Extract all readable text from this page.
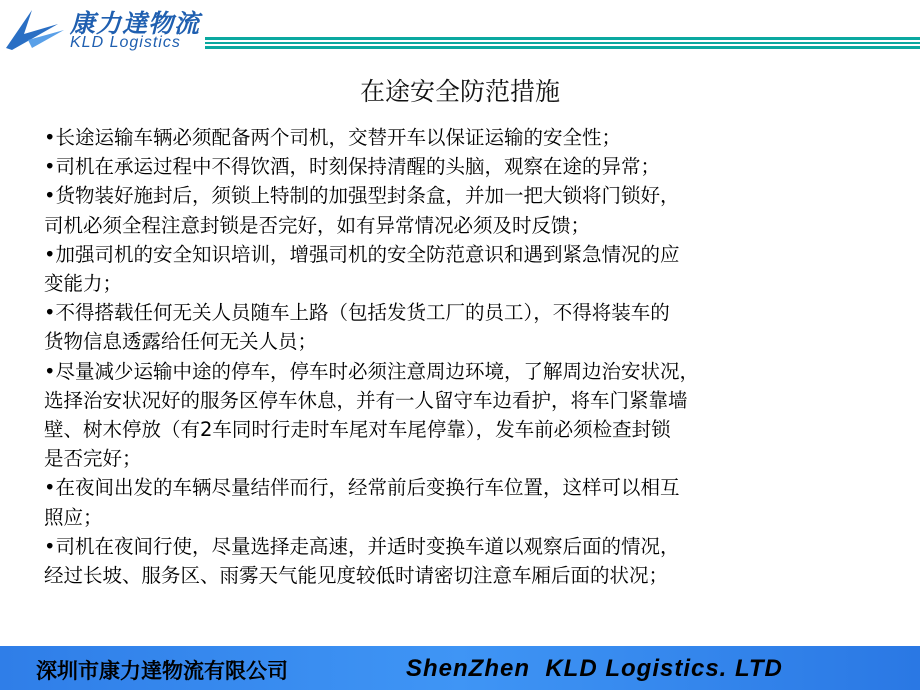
康力達物流
KLD Logistics
在途安全防范措施
•长途运输车辆必须配备两个司机，交替开车以保证运输的安全性；
•司机在承运过程中不得饮酒，时刻保持清醒的头脑，观察在途的异常；
•货物装好施封后，须锁上特制的加强型封条盒，并加一把大锁将门锁好，
司机必须全程注意封锁是否完好，如有异常情况必须及时反馈；
•加强司机的安全知识培训，增强司机的安全防范意识和遇到紧急情况的应
变能力；
•不得搭载任何无关人员随车上路（包括发货工厂的员工），不得将装车的
货物信息透露给任何无关人员；
•尽量减少运输中途的停车，停车时必须注意周边环境，了解周边治安状况，
选择治安状况好的服务区停车休息，并有一人留守车边看护，将车门紧靠墙
壁、树木停放（有2车同时行走时车尾对车尾停靠），发车前必须检查封锁
是否完好；
•在夜间出发的车辆尽量结伴而行，经常前后变换行车位置，这样可以相互
照应；
•司机在夜间行使，尽量选择走高速，并适时变换车道以观察后面的情况，
经过长坡、服务区、雨雾天气能见度较低时请密切注意车厢后面的状况；
深圳市康力達物流有限公司	ShenZhen  KLD Logistics. LTD
